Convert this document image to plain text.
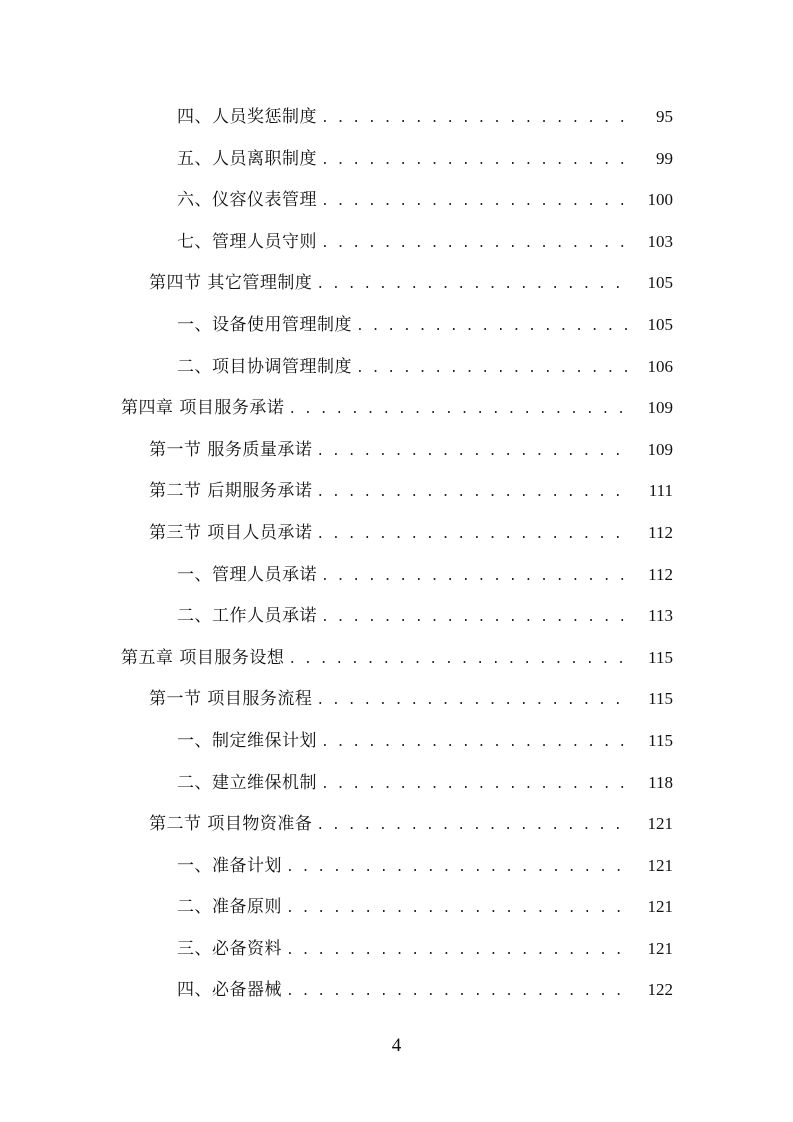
四、人员奖惩制度 . . .	95
五、人员离职制度 . . .	99
六、仪容仪表管理 . . .	100
七、管理人员守则 . . .	103
第四节 其它管理制度 . . .	105
一、设备使用管理制度 . . .	105
二、项目协调管理制度 . . .	106
第四章 项目服务承诺 . . .	109
第一节 服务质量承诺 . . .	109
第二节 后期服务承诺 . . .	111
第三节 项目人员承诺 . . .	112
一、管理人员承诺 . . .	112
二、工作人员承诺 . . .	113
第五章 项目服务设想 . . .	115
第一节 项目服务流程 . . .	115
一、制定维保计划 . . .	115
二、建立维保机制 . . .	118
第二节 项目物资准备 . . .	121
一、准备计划 . . .	121
二、准备原则 . . .	121
三、必备资料 . . .	121
四、必备器械 . . .	122
4
